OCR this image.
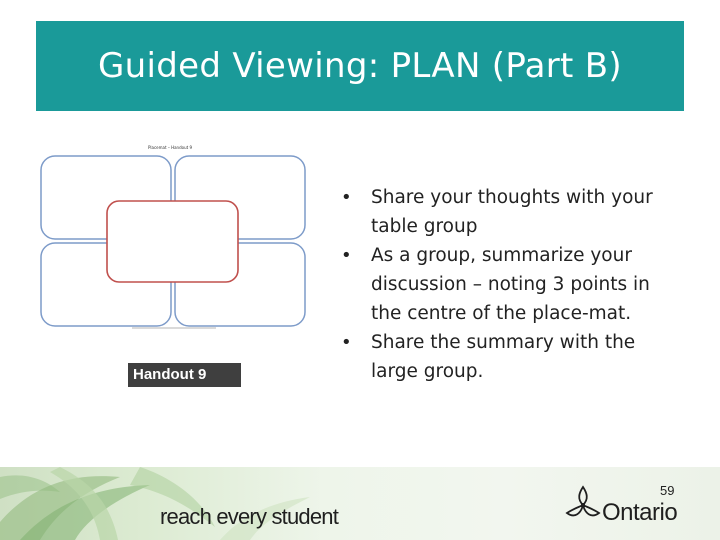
Guided Viewing: PLAN (Part B)
Placemat – Handout 9
Handout 9
• Share your thoughts with your table group
• As a group, summarize your discussion – noting 3 points in the centre of the place-mat.
• Share the summary with the large group.
reach every student
59
Ontario
